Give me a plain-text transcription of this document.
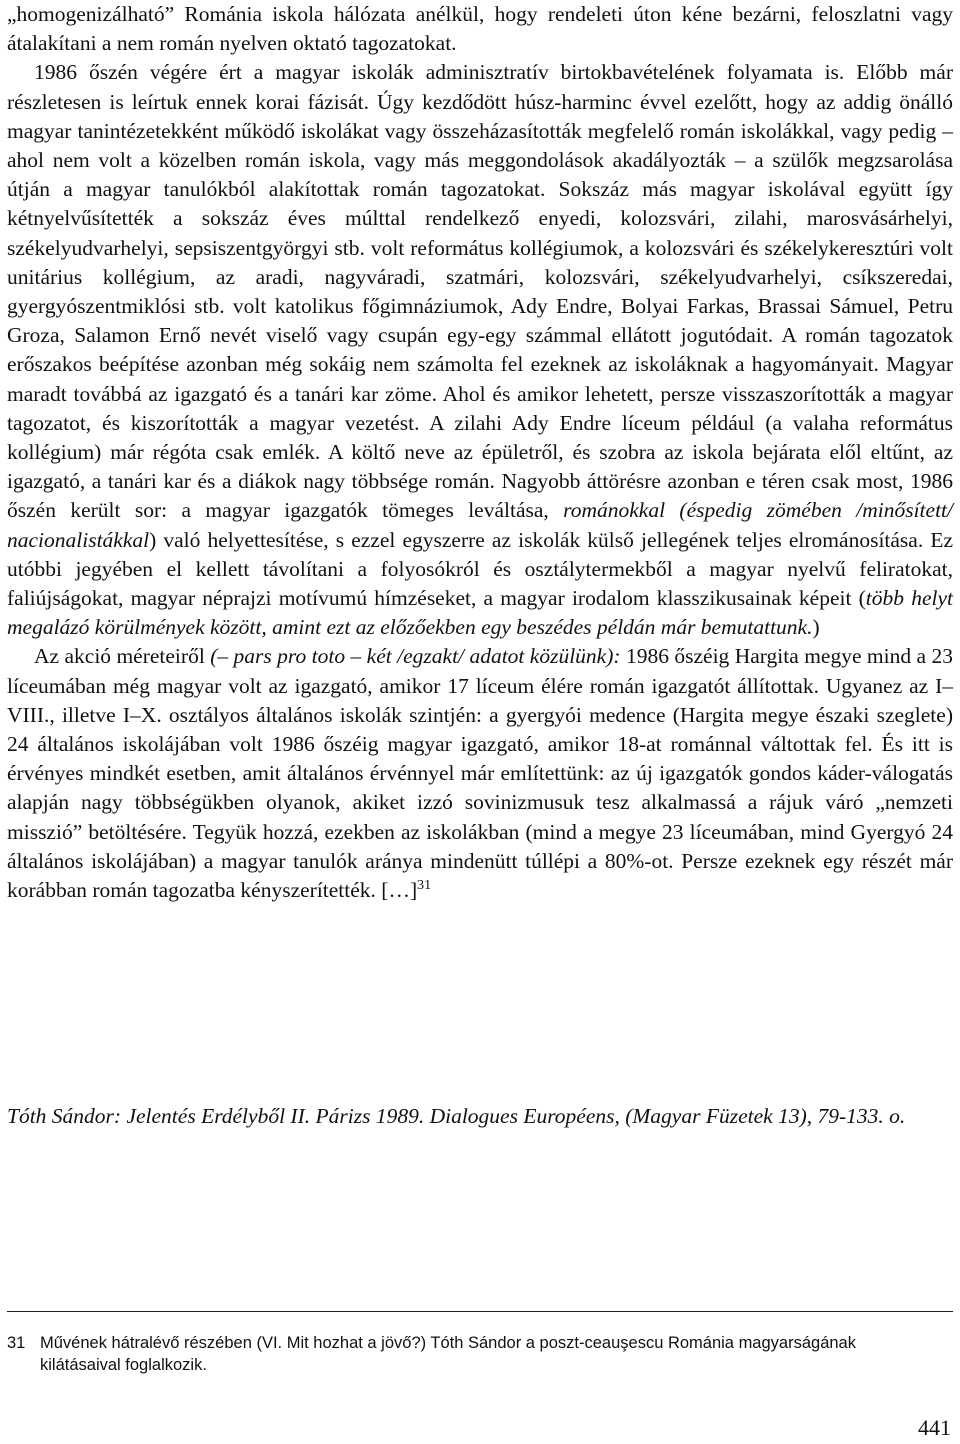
„homogenizálható” Románia iskola hálózata anélkül, hogy rendeleti úton kéne bezárni, feloszlatni vagy átalakítani a nem román nyelven oktató tagozatokat.
1986 őszén végére ért a magyar iskolák adminisztratív birtokbavételének folyamata is. Előbb már részletesen is leírtuk ennek korai fázisát. Úgy kezdődött húsz-harminc évvel ezelőtt, hogy az addig önálló magyar tanintézetekként működő iskolákat vagy összeházasították megfelelő román iskolákkal, vagy pedig – ahol nem volt a közelben román iskola, vagy más meggondolások akadályozták – a szülők megzsarolása útján a magyar tanulókból alakítottak román tagozatokat. Sokszáz más magyar iskolával együtt így kétnyelvűsítették a sokszáz éves múlttal rendelkező enyedi, kolozsvári, zilahi, marosvásárhelyi, székelyudvarhelyi, sepsiszentgyörgyi stb. volt református kollégiumok, a kolozsvári és székelykeresztúri volt unitárius kollégium, az aradi, nagyváradi, szatmári, kolozsvári, székelyudvarhelyi, csíkszeredai, gyergyószentmiklósi stb. volt katolikus főgimnáziumok, Ady Endre, Bolyai Farkas, Brassai Sámuel, Petru Groza, Salamon Ernő nevét viselő vagy csupán egy-egy számmal ellátott jogutódait. A román tagozatok erőszakos beépítése azonban még sokáig nem számolta fel ezeknek az iskoláknak a hagyományait. Magyar maradt továbbá az igazgató és a tanári kar zöme. Ahol és amikor lehetett, persze visszaszorították a magyar tagozatot, és kiszorították a magyar vezetést. A zilahi Ady Endre líceum például (a valaha református kollégium) már régóta csak emlék. A költő neve az épületről, és szobra az iskola bejárata elől eltűnt, az igazgató, a tanári kar és a diákok nagy többsége román. Nagyobb áttörésre azonban e téren csak most, 1986 őszén került sor: a magyar igazgatók tömeges leváltása, románokkal (éspedig zömében /minősített/ nacionalistákkal) való helyettesítése, s ezzel egyszerre az iskolák külső jellegének teljes elrománosítása. Ez utóbbi jegyében el kellett távolítani a folyosókról és osztálytermekből a magyar nyelvű feliratokat, faliújságokat, magyar néprajzi motívumú hímzéseket, a magyar irodalom klasszikusainak képeit (több helyt megalázó körülmények között, amint ezt az előzőekben egy beszédes példán már bemutattunk.)

Az akció méreteiről (– pars pro toto – két /egzakt/ adatot közülünk): 1986 őszéig Hargita megye mind a 23 líceumában még magyar volt az igazgató, amikor 17 líceum élére román igazgatót állítottak. Ugyanez az I–VIII., illetve I–X. osztályos általános iskolák szintjén: a gyergyói medence (Hargita megye északi szeglete) 24 általános iskolájában volt 1986 őszéig magyar igazgató, amikor 18-at románnal váltottak fel. És itt is érvényes mindkét esetben, amit általános érvénnyel már említettünk: az új igazgatók gondos káder-válogatás alapján nagy többségükben olyanok, akiket izzó sovinizmusuk tesz alkalmassá a rájuk váró „nemzeti misszió” betöltésére. Tegyük hozzá, ezekben az iskolákban (mind a megye 23 líceumában, mind Gyergyó 24 általános iskolájában) a magyar tanulók aránya mindenütt túllépi a 80%-ot. Persze ezeknek egy részét már korábban román tagozatba kényszerítették. […]$^{31}$

Tóth Sándor: Jelentés Erdélyből II. Párizs 1989. Dialogues Européens, (Magyar Füzetek 13), 79-133. o.

31 Művének hátralévő részében (VI. Mit hozhat a jövő?) Tóth Sándor a poszt-ceauşescu Románia magyarságának
kilátásaival foglalkozik.
441
